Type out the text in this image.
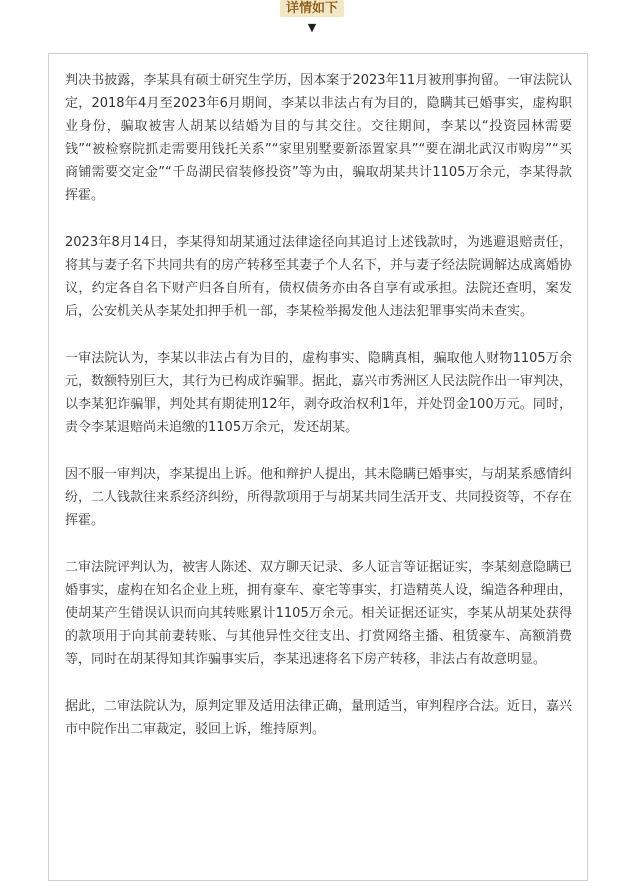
详情如下
▼

判决书披露，李某具有硕士研究生学历，因本案于2023年11月被刑事拘留。一审法院认定，2018年4月至2023年6月期间，李某以非法占有为目的，隐瞒其已婚事实，虚构职业身份，骗取被害人胡某以结婚为目的与其交往。交往期间，李某以“投资园林需要钱”“被检察院抓走需要用钱托关系”“家里别墅要新添置家具”“要在湖北武汉市购房”“买商铺需要交定金”“千岛湖民宿装修投资”等为由，骗取胡某共计1105万余元，李某得款挥霍。

2023年8月14日，李某得知胡某通过法律途径向其追讨上述钱款时，为逃避退赔责任，将其与妻子名下共同共有的房产转移至其妻子个人名下，并与妻子经法院调解达成离婚协议，约定各自名下财产归各自所有，债权债务亦由各自享有或承担。法院还查明，案发后，公安机关从李某处扣押手机一部，李某检举揭发他人违法犯罪事实尚未查实。

一审法院认为，李某以非法占有为目的，虚构事实、隐瞒真相，骗取他人财物1105万余元，数额特别巨大，其行为已构成诈骗罪。据此，嘉兴市秀洲区人民法院作出一审判决，以李某犯诈骗罪，判处其有期徒刑12年，剥夺政治权利1年，并处罚金100万元。同时，责令李某退赔尚未追缴的1105万余元，发还胡某。

因不服一审判决，李某提出上诉。他和辩护人提出，其未隐瞒已婚事实，与胡某系感情纠纷，二人钱款往来系经济纠纷，所得款项用于与胡某共同生活开支、共同投资等，不存在挥霍。

二审法院评判认为，被害人陈述、双方聊天记录、多人证言等证据证实，李某刻意隐瞒已婚事实，虚构在知名企业上班，拥有豪车、豪宅等事实，打造精英人设，编造各种理由，使胡某产生错误认识而向其转账累计1105万余元。相关证据还证实，李某从胡某处获得的款项用于向其前妻转账、与其他异性交往支出、打赏网络主播、租赁豪车、高额消费等，同时在胡某得知其诈骗事实后，李某迅速将名下房产转移，非法占有故意明显。

据此，二审法院认为，原判定罪及适用法律正确，量刑适当，审判程序合法。近日，嘉兴市中院作出二审裁定，驳回上诉，维持原判。
